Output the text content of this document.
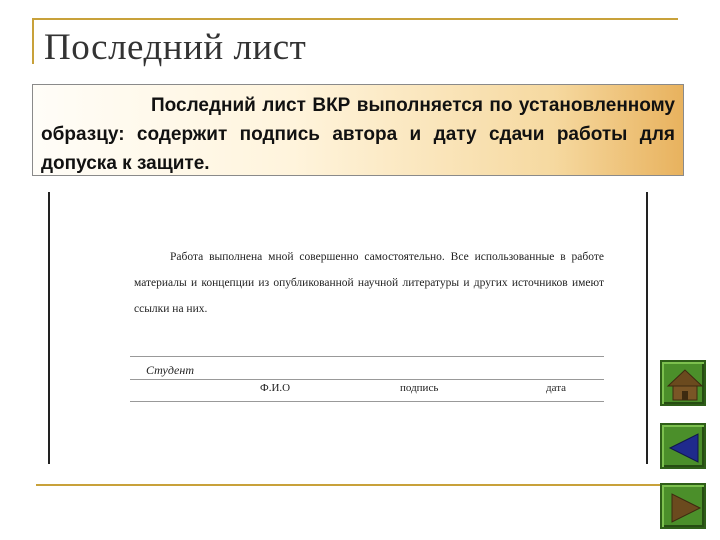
Последний лист

Последний лист ВКР выполняется по установленному образцу: содержит подпись автора и дату сдачи работы для допуска к защите.

Работа выполнена мной совершенно самостоятельно. Все использованные в работе материалы и концепции из опубликованной научной литературы и других источников имеют ссылки на них.

Студент
Ф.И.О	подпись	дата
